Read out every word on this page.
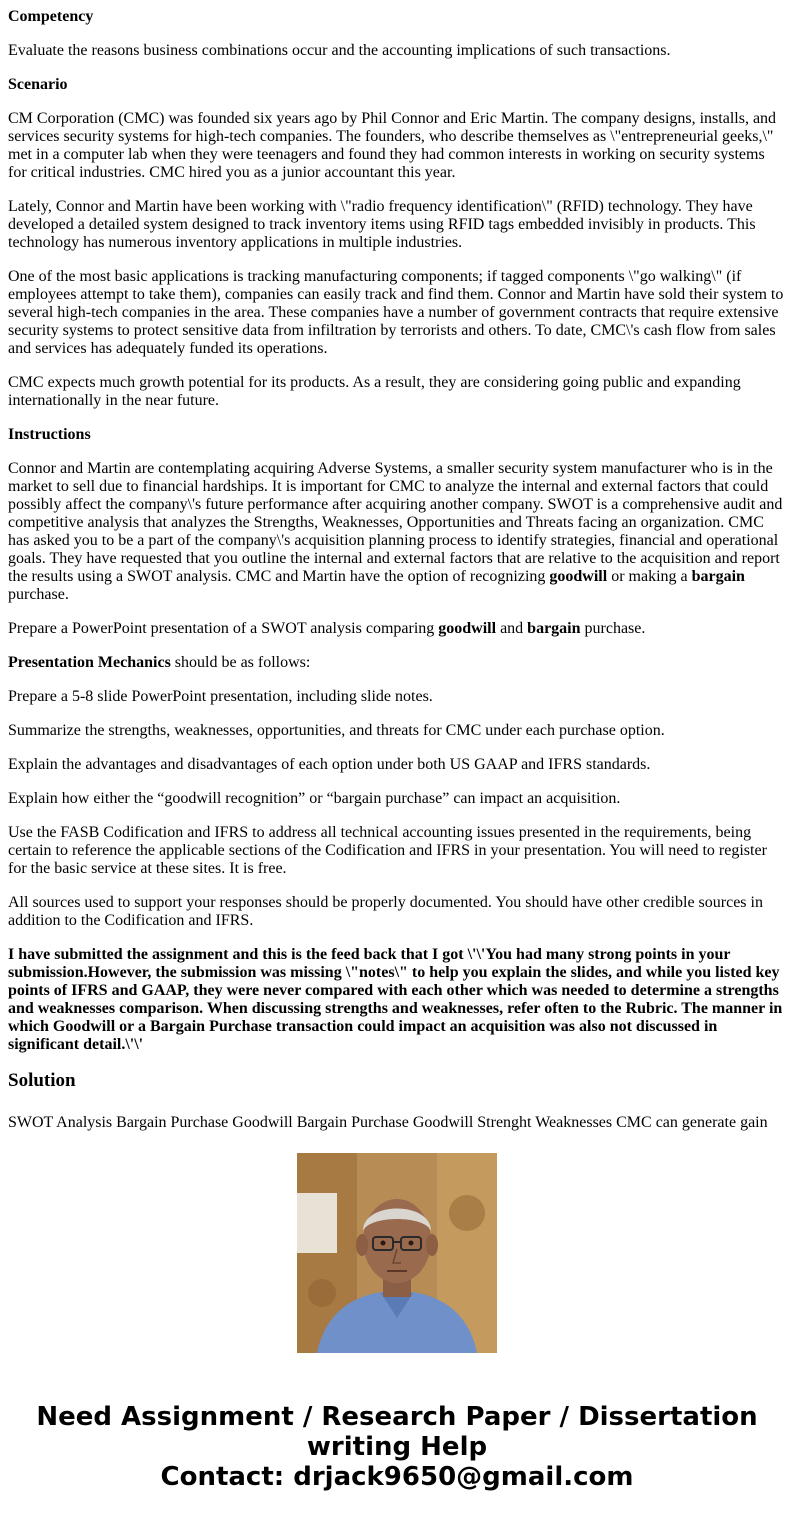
Competency

Evaluate the reasons business combinations occur and the accounting implications of such transactions.

Scenario

CM Corporation (CMC) was founded six years ago by Phil Connor and Eric Martin. The company designs, installs, and services security systems for high-tech companies. The founders, who describe themselves as \"entrepreneurial geeks,\" met in a computer lab when they were teenagers and found they had common interests in working on security systems for critical industries. CMC hired you as a junior accountant this year.

Lately, Connor and Martin have been working with \"radio frequency identification\" (RFID) technology. They have developed a detailed system designed to track inventory items using RFID tags embedded invisibly in products. This technology has numerous inventory applications in multiple industries.

One of the most basic applications is tracking manufacturing components; if tagged components \"go walking\" (if employees attempt to take them), companies can easily track and find them. Connor and Martin have sold their system to several high-tech companies in the area. These companies have a number of government contracts that require extensive security systems to protect sensitive data from infiltration by terrorists and others. To date, CMC\'s cash flow from sales and services has adequately funded its operations.

CMC expects much growth potential for its products. As a result, they are considering going public and expanding internationally in the near future.

Instructions

Connor and Martin are contemplating acquiring Adverse Systems, a smaller security system manufacturer who is in the market to sell due to financial hardships. It is important for CMC to analyze the internal and external factors that could possibly affect the company\'s future performance after acquiring another company. SWOT is a comprehensive audit and competitive analysis that analyzes the Strengths, Weaknesses, Opportunities and Threats facing an organization. CMC has asked you to be a part of the company\'s acquisition planning process to identify strategies, financial and operational goals. They have requested that you outline the internal and external factors that are relative to the acquisition and report the results using a SWOT analysis. CMC and Martin have the option of recognizing goodwill or making a bargain purchase.

Prepare a PowerPoint presentation of a SWOT analysis comparing goodwill and bargain purchase.

Presentation Mechanics should be as follows:

Prepare a 5-8 slide PowerPoint presentation, including slide notes.

Summarize the strengths, weaknesses, opportunities, and threats for CMC under each purchase option.

Explain the advantages and disadvantages of each option under both US GAAP and IFRS standards.

Explain how either the “goodwill recognition” or “bargain purchase” can impact an acquisition.

Use the FASB Codification and IFRS to address all technical accounting issues presented in the requirements, being certain to reference the applicable sections of the Codification and IFRS in your presentation. You will need to register for the basic service at these sites. It is free.

All sources used to support your responses should be properly documented. You should have other credible sources in addition to the Codification and IFRS.

I have submitted the assignment and this is the feed back that I got \'\'You had many strong points in your submission.However, the submission was missing \"notes\" to help you explain the slides, and while you listed key points of IFRS and GAAP, they were never compared with each other which was needed to determine a strengths and weaknesses comparison. When discussing strengths and weaknesses, refer often to the Rubric. The manner in which Goodwill or a Bargain Purchase transaction could impact an acquisition was also not discussed in significant detail.\'\'

Solution

SWOT Analysis Bargain Purchase Goodwill Bargain Purchase Goodwill Strenght Weaknesses CMC can generate gain

Need Assignment / Research Paper / Dissertation writing Help
Contact: drjack9650@gmail.com
